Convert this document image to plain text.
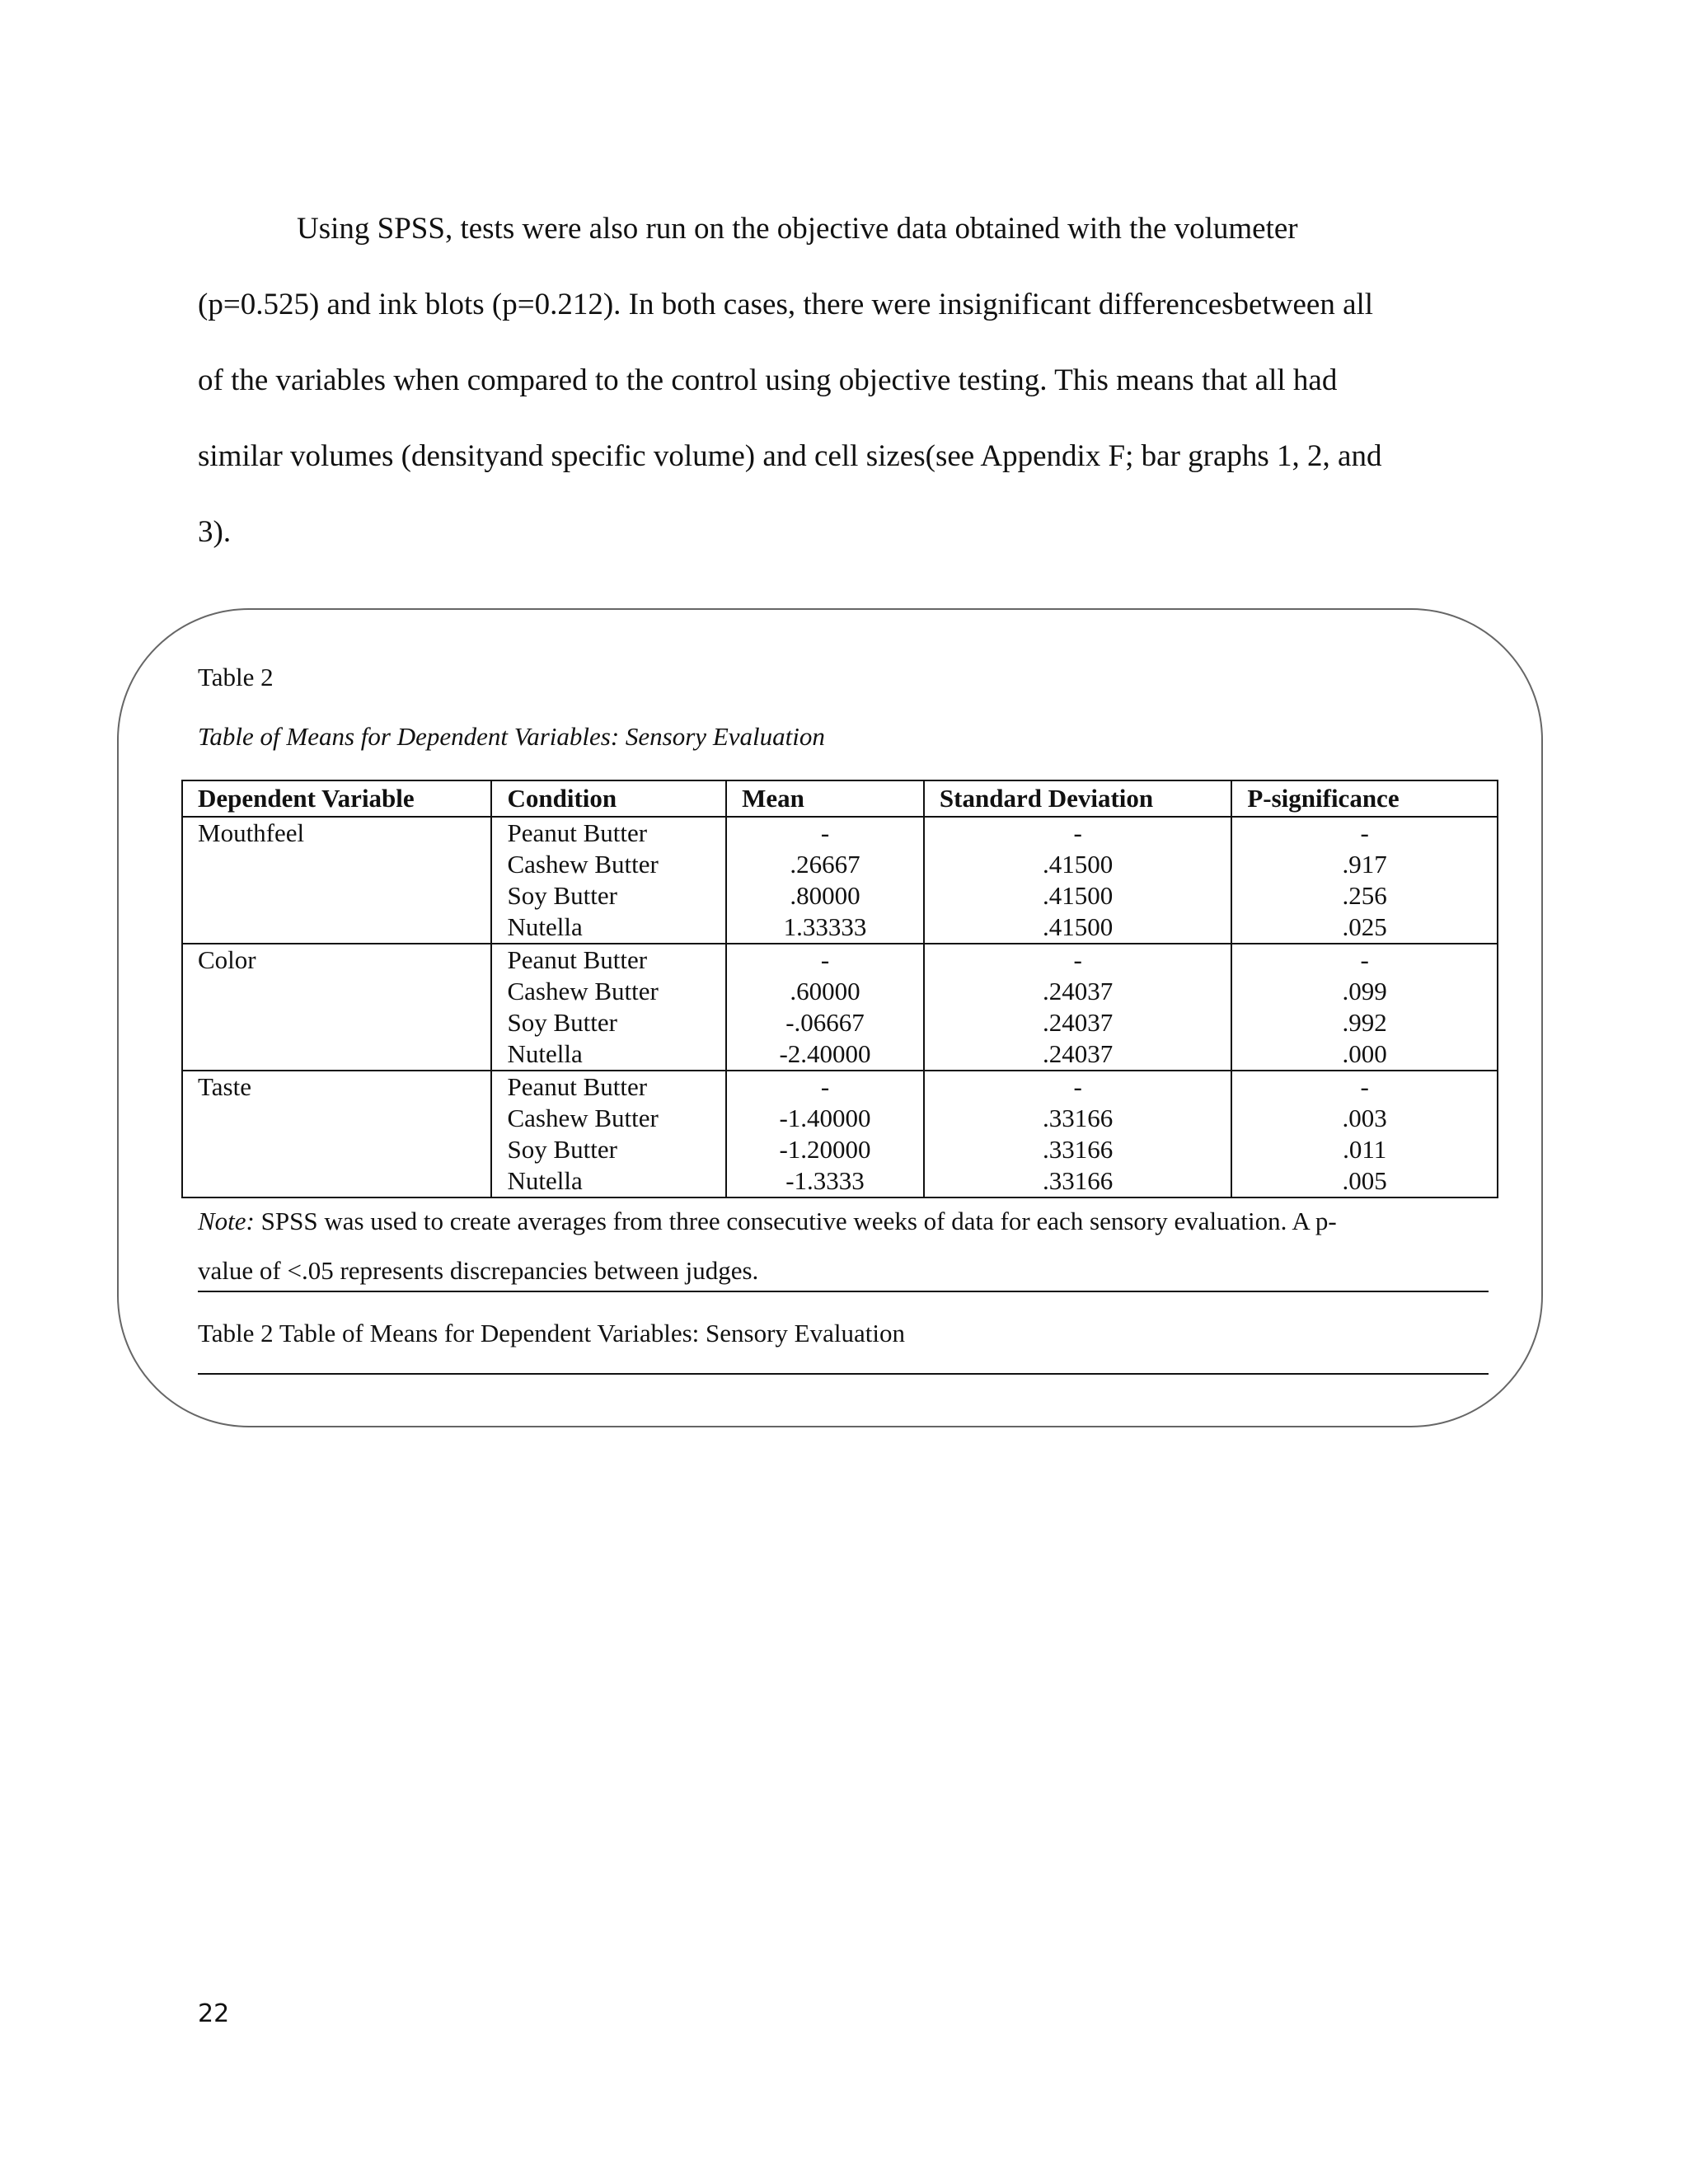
Using SPSS, tests were also run on the objective data obtained with the volumeter
(p=0.525) and ink blots (p=0.212). In both cases, there were insignificant differencesbetween all
of the variables when compared to the control using objective testing. This means that all had
similar volumes (densityand specific volume) and cell sizes(see Appendix F; bar graphs 1, 2, and
3).

Table 2

Table of Means for Dependent Variables: Sensory Evaluation

Dependent Variable	Condition	Mean	Standard Deviation	P-significance
Mouthfeel	Peanut Butter	-	-	-
	Cashew Butter	.26667	.41500	.917
	Soy Butter	.80000	.41500	.256
	Nutella	1.33333	.41500	.025
Color	Peanut Butter	-	-	-
	Cashew Butter	.60000	.24037	.099
	Soy Butter	-.06667	.24037	.992
	Nutella	-2.40000	.24037	.000
Taste	Peanut Butter	-	-	-
	Cashew Butter	-1.40000	.33166	.003
	Soy Butter	-1.20000	.33166	.011
	Nutella	-1.3333	.33166	.005

Note: SPSS was used to create averages from three consecutive weeks of data for each sensory evaluation. A p-
value of <.05 represents discrepancies between judges.

Table 2 Table of Means for Dependent Variables: Sensory Evaluation

22
